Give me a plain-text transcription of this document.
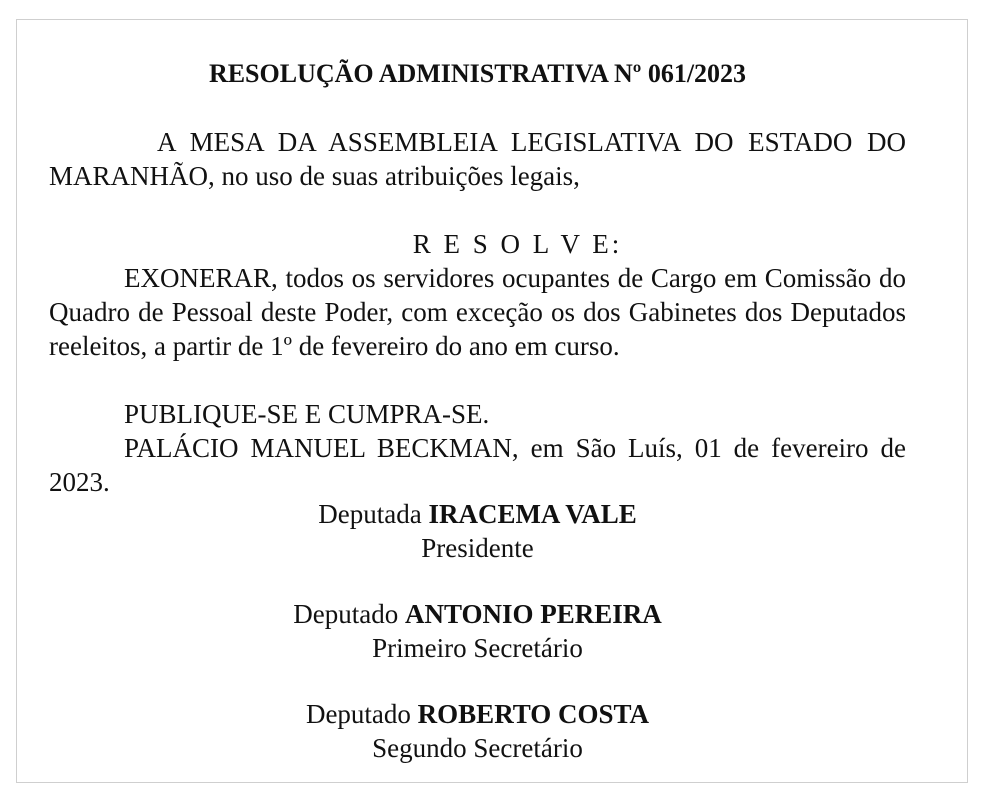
RESOLUÇÃO ADMINISTRATIVA Nº 061/2023

A MESA DA ASSEMBLEIA LEGISLATIVA DO ESTADO DO MARANHÃO, no uso de suas atribuições legais,

R E S O L V E:

EXONERAR, todos os servidores ocupantes de Cargo em Comissão do Quadro de Pessoal deste Poder, com exceção os dos Gabinetes dos Deputados reeleitos, a partir de 1º de fevereiro do ano em curso.

PUBLIQUE-SE E CUMPRA-SE.

PALÁCIO MANUEL BECKMAN, em São Luís, 01 de fevereiro de 2023.

Deputada IRACEMA VALE
Presidente
Deputado ANTONIO PEREIRA
Primeiro Secretário
Deputado ROBERTO COSTA
Segundo Secretário
